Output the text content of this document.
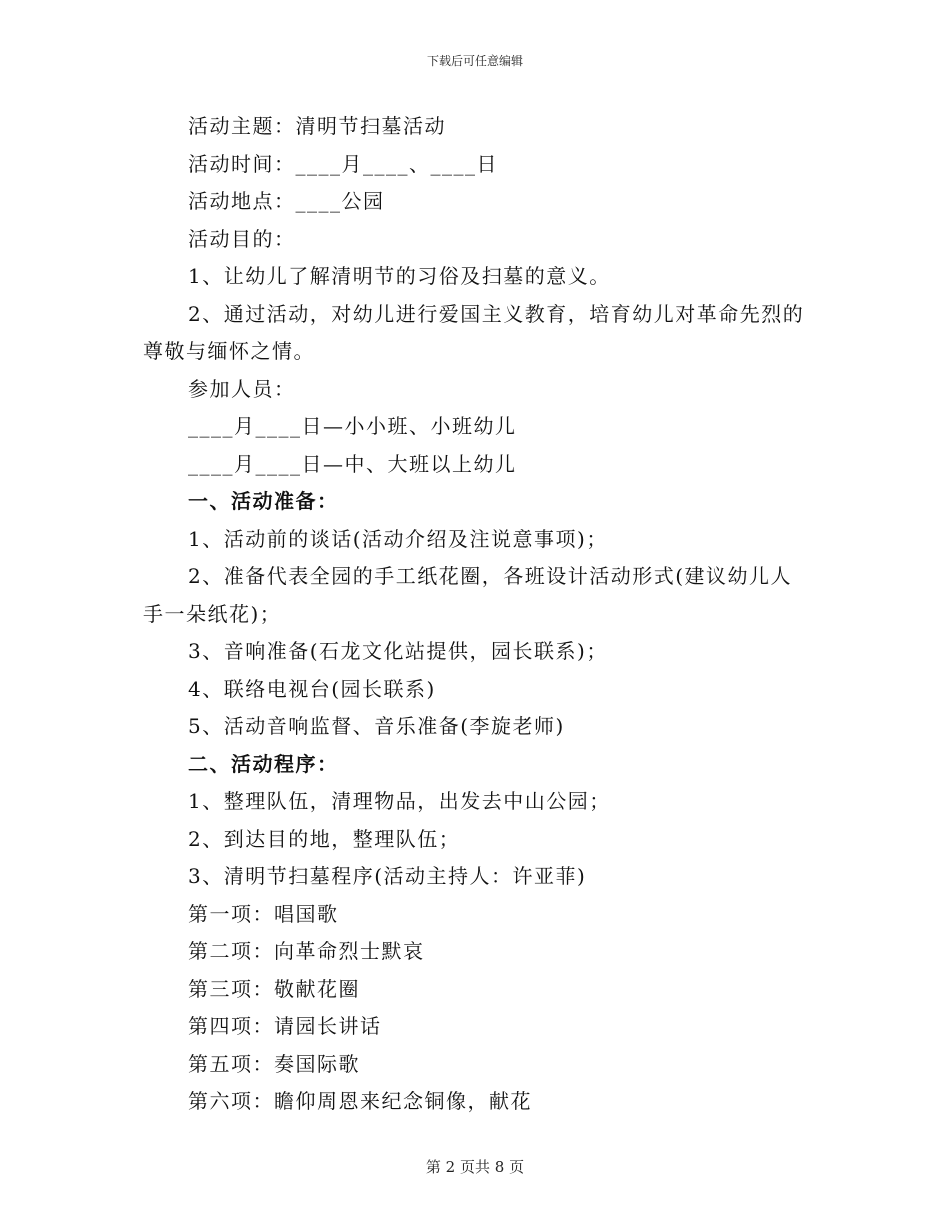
下载后可任意编辑
活动主题：清明节扫墓活动
活动时间：____月____、____日
活动地点：____公园
活动目的：
1、让幼儿了解清明节的习俗及扫墓的意义。
2、通过活动，对幼儿进行爱国主义教育，培育幼儿对革命先烈的
尊敬与缅怀之情。
参加人员：
____月____日—小小班、小班幼儿
____月____日—中、大班以上幼儿
一、活动准备：
1、活动前的谈话(活动介绍及注说意事项)；
2、准备代表全园的手工纸花圈，各班设计活动形式(建议幼儿人
手一朵纸花)；
3、音响准备(石龙文化站提供，园长联系)；
4、联络电视台(园长联系)
5、活动音响监督、音乐准备(李旋老师)
二、活动程序：
1、整理队伍，清理物品，出发去中山公园；
2、到达目的地，整理队伍；
3、清明节扫墓程序(活动主持人：许亚菲)
第一项：唱国歌
第二项：向革命烈士默哀
第三项：敬献花圈
第四项：请园长讲话
第五项：奏国际歌
第六项：瞻仰周恩来纪念铜像，献花
第 2 页共 8 页
